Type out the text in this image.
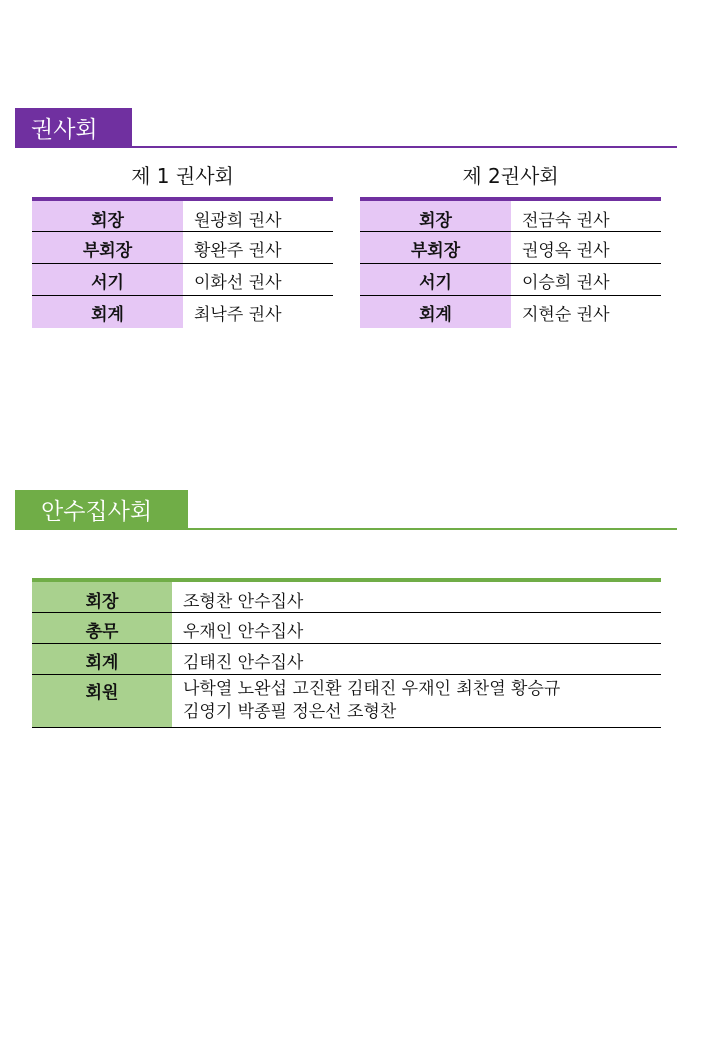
권사회
제 1 권사회
회장	원광희 권사
부회장	황완주 권사
서기	이화선 권사
회계	최낙주 권사
제 2권사회
회장	전금숙 권사
부회장	권영옥 권사
서기	이승희 권사
회계	지현순 권사
안수집사회
회장	조형찬 안수집사
총무	우재인 안수집사
회계	김태진 안수집사
회원	나학열 노완섭 고진환 김태진 우재인 최찬열 황승규
김영기 박종필 정은선 조형찬
